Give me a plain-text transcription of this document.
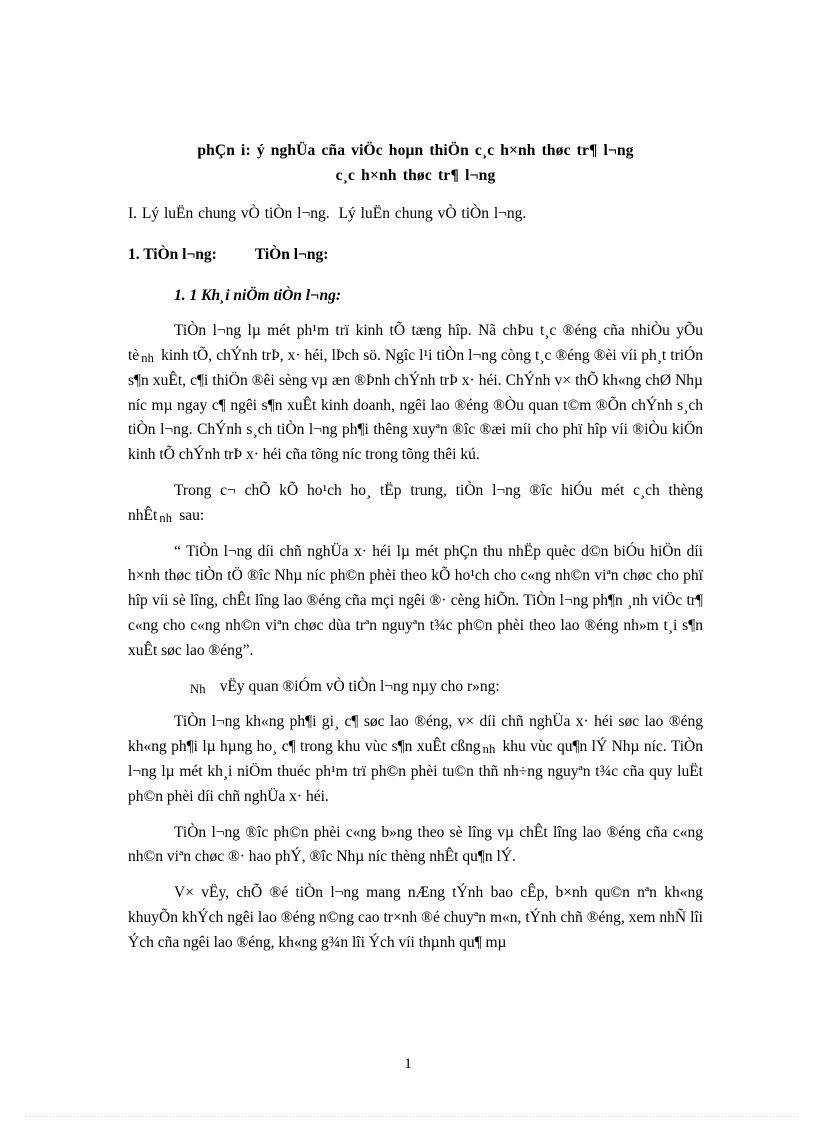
phÇn i: ý nghÜa cña viÖc hoµn thiÖn c¸c h×nh thøc tr¶ l¬ng
c¸c h×nh thøc tr¶ l¬ng

I. Lý luËn chung vÒ tiÒn l¬ng. Lý luËn chung vÒ tiÒn l¬ng.

1. TiÒn l¬ng: TiÒn l¬ng:

1. 1 Kh¸i niÖm tiÒn l¬ng:

TiÒn l¬ng lµ mét ph¹m trï kinh tÕ tæng hîp. Nã chÞu t¸c ®éng cña nhiÒu yÕu tè nh kinh tÕ, chÝnh trÞ, x· héi, lÞch sö. Ngîc l¹i tiÒn l¬ng còng t¸c ®éng ®èi víi ph¸t triÓn s¶n xuÊt, c¶i thiÖn ®êi sèng vµ æn ®Þnh chÝnh trÞ x· héi. ChÝnh v× thÕ kh«ng chØ Nhµ níc mµ ngay c¶ ngêi s¶n xuÊt kinh doanh, ngêi lao ®éng ®Òu quan t©m ®Õn chÝnh s¸ch tiÒn l¬ng. ChÝnh s¸ch tiÒn l¬ng ph¶i thêng xuyªn ®îc ®æi míi cho phï hîp víi ®iÒu kiÖn kinh tÕ chÝnh trÞ x· héi cña tõng níc trong tõng thêi kú.

Trong c¬ chÕ kÕ ho¹ch ho¸ tËp trung, tiÒn l¬ng ®îc hiÓu mét c¸ch thèng nhÊt nh sau:

“ TiÒn l¬ng díi chñ nghÜa x· héi lµ mét phÇn thu nhËp quèc d©n biÓu hiÖn díi h×nh thøc tiÒn tÖ ®îc Nhµ níc ph©n phèi theo kÕ ho¹ch cho c«ng nh©n viªn chøc cho phï hîp víi sè lîng, chÊt lîng lao ®éng cña mçi ngêi ®· cèng hiÕn. TiÒn l¬ng ph¶n ¸nh viÖc tr¶ c«ng cho c«ng nh©n viªn chøc dùa trªn nguyªn t¾c ph©n phèi theo lao ®éng nh»m t¸i s¶n xuÊt søc lao ®éng”.

Nh vËy quan ®iÓm vÒ tiÒn l¬ng nµy cho r»ng:

TiÒn l¬ng kh«ng ph¶i gi¸ c¶ søc lao ®éng, v× díi chñ nghÜa x· héi søc lao ®éng kh«ng ph¶i lµ hµng ho¸ c¶ trong khu vùc s¶n xuÊt cßng nh khu vùc qu¶n lÝ Nhµ níc. TiÒn l¬ng lµ mét kh¸i niÖm thuéc ph¹m trï ph©n phèi tu©n thñ nh÷ng nguyªn t¾c cña quy luËt ph©n phèi díi chñ nghÜa x· héi.

TiÒn l¬ng ®îc ph©n phèi c«ng b»ng theo sè lîng vµ chÊt lîng lao ®éng cña c«ng nh©n viªn chøc ®· hao phÝ, ®îc Nhµ níc thèng nhÊt qu¶n lÝ.

V× vËy, chÕ ®é tiÒn l¬ng mang nÆng tÝnh bao cÊp, b×nh qu©n nªn kh«ng khuyÕn khÝch ngêi lao ®éng n©ng cao tr×nh ®é chuyªn m«n, tÝnh chñ ®éng, xem nhÑ lîi Ých cña ngêi lao ®éng, kh«ng g¾n lîi Ých víi thµnh qu¶ mµ

1
